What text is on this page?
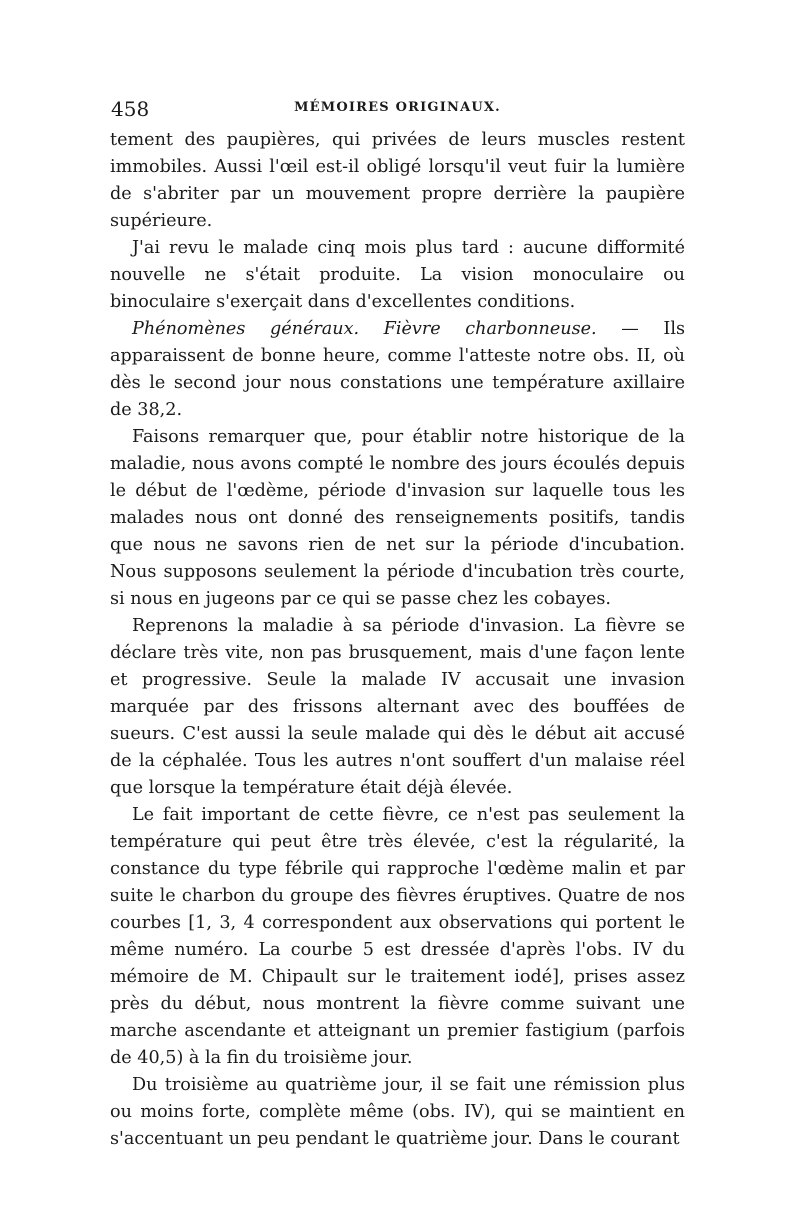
458	MÉMOIRES ORIGINAUX.

tement des paupières, qui privées de leurs muscles restent immobiles. Aussi l'œil est-il obligé lorsqu'il veut fuir la lumière de s'abriter par un mouvement propre derrière la paupière supérieure.

J'ai revu le malade cinq mois plus tard : aucune difformité nouvelle ne s'était produite. La vision monoculaire ou binoculaire s'exerçait dans d'excellentes conditions.

Phénomènes généraux. Fièvre charbonneuse. — Ils apparaissent de bonne heure, comme l'atteste notre obs. II, où dès le second jour nous constations une température axillaire de 38,2.

Faisons remarquer que, pour établir notre historique de la maladie, nous avons compté le nombre des jours écoulés depuis le début de l'œdème, période d'invasion sur laquelle tous les malades nous ont donné des renseignements positifs, tandis que nous ne savons rien de net sur la période d'incubation. Nous supposons seulement la période d'incubation très courte, si nous en jugeons par ce qui se passe chez les cobayes.

Reprenons la maladie à sa période d'invasion. La fièvre se déclare très vite, non pas brusquement, mais d'une façon lente et progressive. Seule la malade IV accusait une invasion marquée par des frissons alternant avec des bouffées de sueurs. C'est aussi la seule malade qui dès le début ait accusé de la céphalée. Tous les autres n'ont souffert d'un malaise réel que lorsque la température était déjà élevée.

Le fait important de cette fièvre, ce n'est pas seulement la température qui peut être très élevée, c'est la régularité, la constance du type fébrile qui rapproche l'œdème malin et par suite le charbon du groupe des fièvres éruptives. Quatre de nos courbes [1, 3, 4 correspondent aux observations qui portent le même numéro. La courbe 5 est dressée d'après l'obs. IV du mémoire de M. Chipault sur le traitement iodé], prises assez près du début, nous montrent la fièvre comme suivant une marche ascendante et atteignant un premier fastigium (parfois de 40,5) à la fin du troisième jour.

Du troisième au quatrième jour, il se fait une rémission plus ou moins forte, complète même (obs. IV), qui se maintient en s'accentuant un peu pendant le quatrième jour. Dans le courant
